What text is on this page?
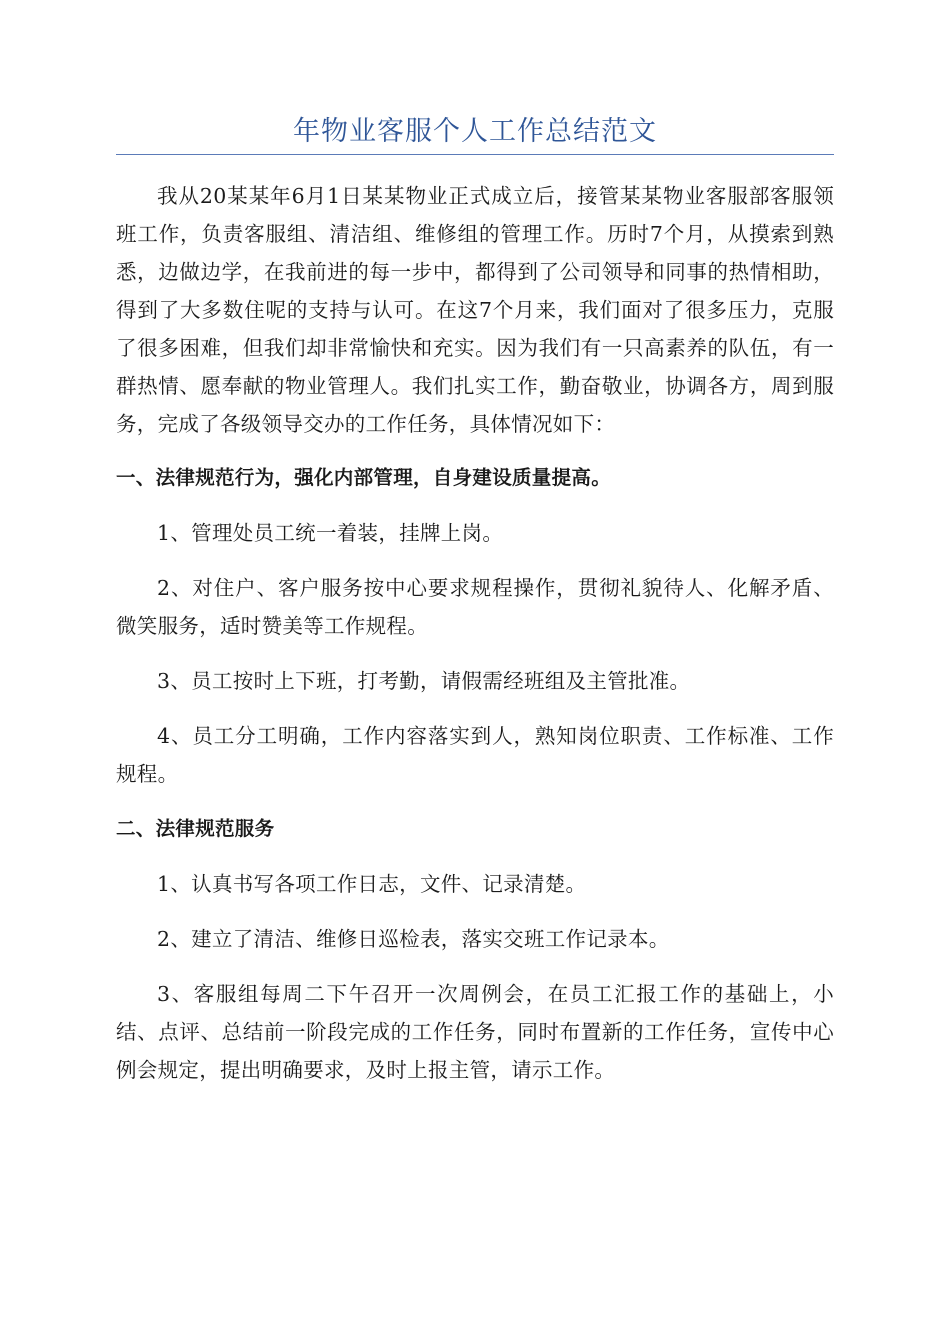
年物业客服个人工作总结范文

我从20某某年6月1日某某物业正式成立后，接管某某物业客服部客服领班工作，负责客服组、清洁组、维修组的管理工作。历时7个月，从摸索到熟悉，边做边学，在我前进的每一步中，都得到了公司领导和同事的热情相助，得到了大多数住呢的支持与认可。在这7个月来，我们面对了很多压力，克服了很多困难，但我们却非常愉快和充实。因为我们有一只高素养的队伍，有一群热情、愿奉献的物业管理人。我们扎实工作，勤奋敬业，协调各方，周到服务，完成了各级领导交办的工作任务，具体情况如下：

一、法律规范行为，强化内部管理，自身建设质量提高。

1、管理处员工统一着装，挂牌上岗。

2、对住户、客户服务按中心要求规程操作，贯彻礼貌待人、化解矛盾、微笑服务，适时赞美等工作规程。

3、员工按时上下班，打考勤，请假需经班组及主管批准。

4、员工分工明确，工作内容落实到人，熟知岗位职责、工作标准、工作规程。

二、法律规范服务

1、认真书写各项工作日志，文件、记录清楚。

2、建立了清洁、维修日巡检表，落实交班工作记录本。

3、客服组每周二下午召开一次周例会，在员工汇报工作的基础上，小结、点评、总结前一阶段完成的工作任务，同时布置新的工作任务，宣传中心例会规定，提出明确要求，及时上报主管，请示工作。
